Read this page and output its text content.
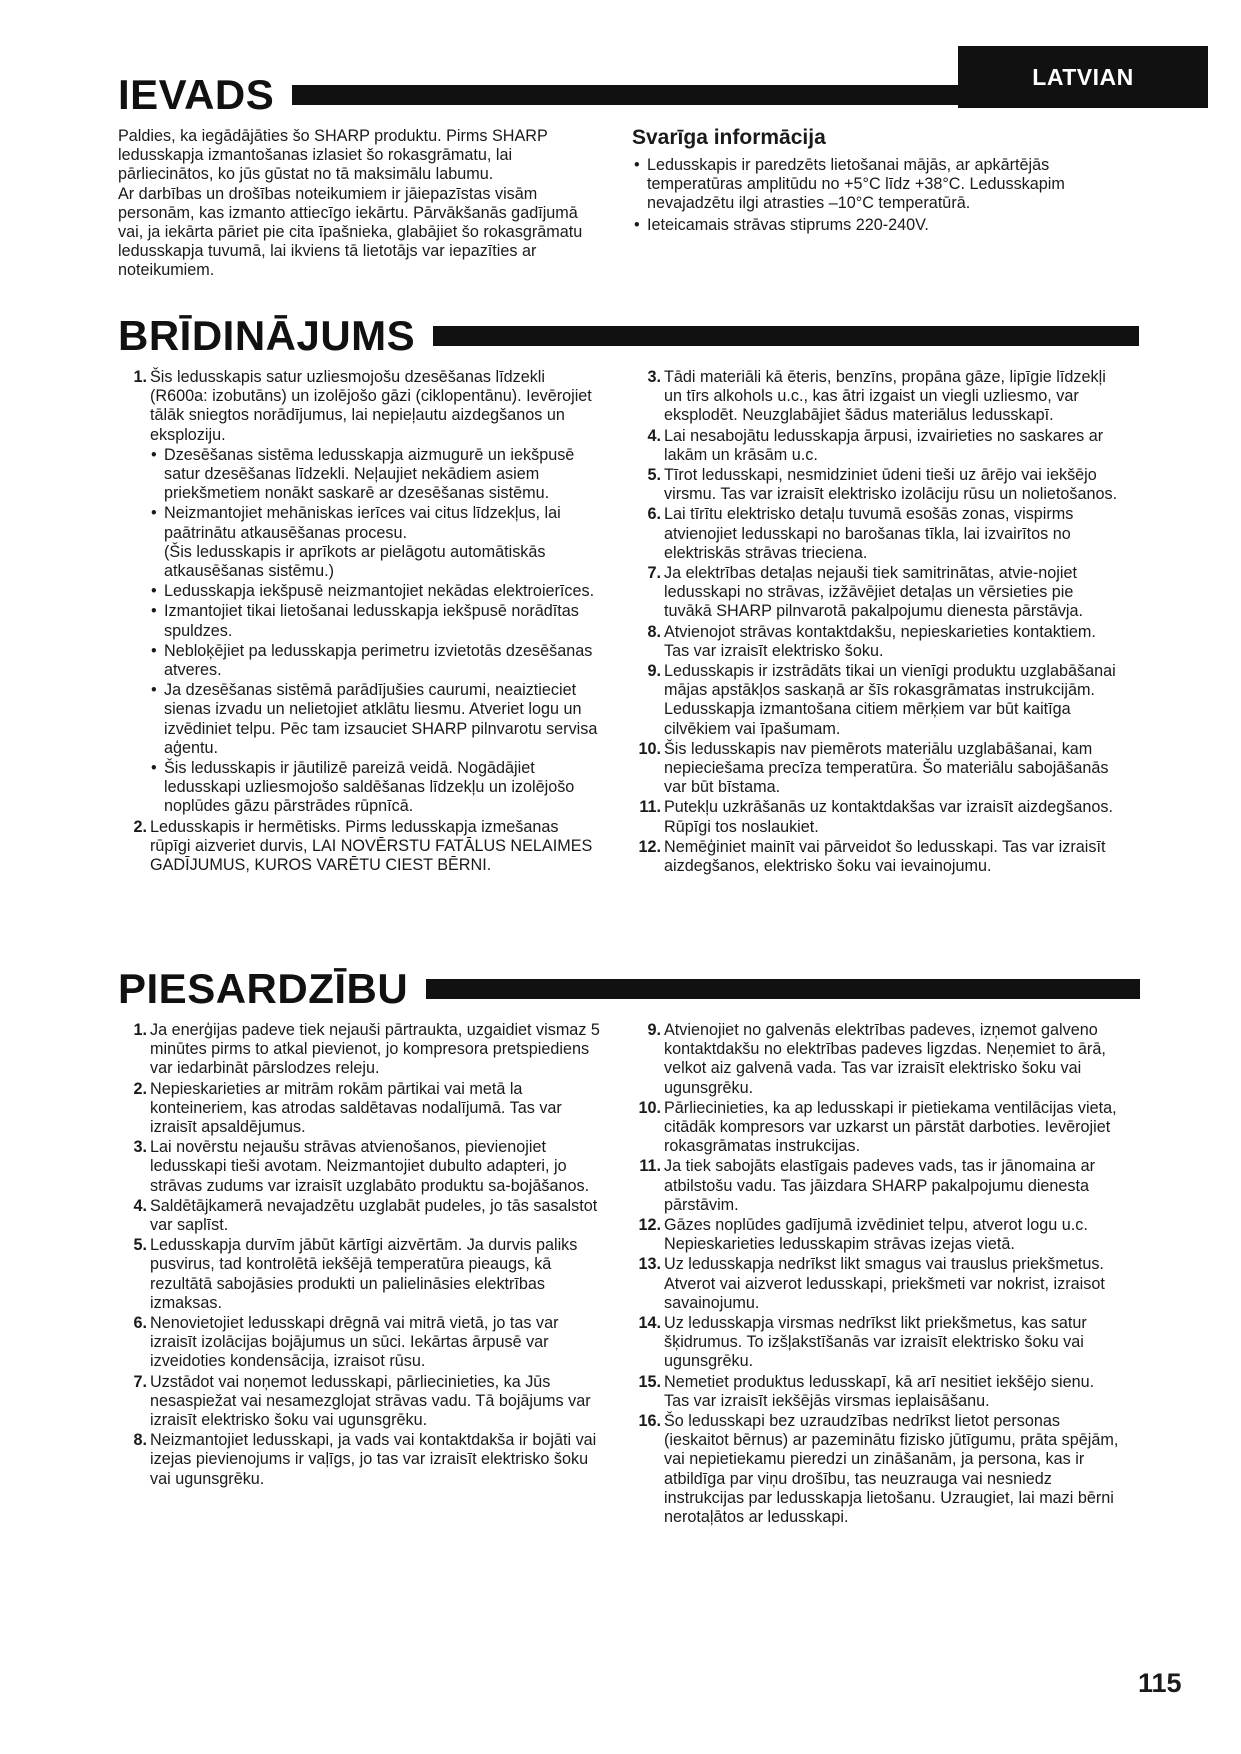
LATVIAN
IEVADS

Paldies, ka iegādājāties šo SHARP produktu. Pirms SHARP ledusskapja izmantošanas izlasiet šo rokasgrāmatu, lai pārliecinātos, ko jūs gūstat no tā maksimālu labumu.

Ar darbības un drošības noteikumiem ir jāiepazīstas visām personām, kas izmanto attiecīgo iekārtu. Pārvākšanās gadījumā vai, ja iekārta pāriet pie cita īpašnieka, glabājiet šo rokasgrāmatu ledusskapja tuvumā, lai ikviens tā lietotājs var iepazīties ar noteikumiem.

Svarīga informācija
• Ledusskapis ir paredzēts lietošanai mājās, ar apkārtējās temperatūras amplitūdu no +5°C līdz +38°C. Ledusskapim nevajadzētu ilgi atrasties –10°C temperatūrā.
• Ieteicamais strāvas stiprums 220-240V.
BRĪDINĀJUMS
1. Šis ledusskapis satur uzliesmojošu dzesēšanas līdzekli (R600a: izobutāns) un izolējošo gāzi (ciklopentānu). Ievērojiet tālāk sniegtos norādījumus, lai nepieļautu aizdegšanos un eksploziju.
• Dzesēšanas sistēma ledusskapja aizmugurē un iekšpusē satur dzesēšanas līdzekli. Neļaujiet nekādiem asiem priekšmetiem nonākt saskarē ar dzesēšanas sistēmu.
• Neizmantojiet mehāniskas ierīces vai citus līdzekļus, lai paātrinātu atkausēšanas procesu.
(Šis ledusskapis ir aprīkots ar pielāgotu automātiskās atkausēšanas sistēmu.)
• Ledusskapja iekšpusē neizmantojiet nekādas elektroierīces.
• Izmantojiet tikai lietošanai ledusskapja iekšpusē norādītas spuldzes.
• Nebloķējiet pa ledusskapja perimetru izvietotās dzesēšanas atveres.
• Ja dzesēšanas sistēmā parādījušies caurumi, neaiztieciet sienas izvadu un nelietojiet atklātu liesmu. Atveriet logu un izvēdiniet telpu. Pēc tam izsauciet SHARP pilnvarotu servisa aģentu.
• Šis ledusskapis ir jāutilizē pareizā veidā. Nogādājiet ledusskapi uzliesmojošo saldēšanas līdzekļu un izolējošo noplūdes gāzu pārstrādes rūpnīcā.
2. Ledusskapis ir hermētisks. Pirms ledusskapja izmešanas rūpīgi aizveriet durvis, LAI NOVĒRSTU FATĀLUS NELAIMES GADĪJUMUS, KUROS VARĒTU CIEST BĒRNI.
3. Tādi materiāli kā ēteris, benzīns, propāna gāze, lipīgie līdzekļi un tīrs alkohols u.c., kas ātri izgaist un viegli uzliesmo, var eksplodēt. Neuzglabājiet šādus materiālus ledusskapī.
4. Lai nesabojātu ledusskapja ārpusi, izvairieties no saskares ar lakām un krāsām u.c.
5. Tīrot ledusskapi, nesmidziniet ūdeni tieši uz ārējo vai iekšējo virsmu. Tas var izraisīt elektrisko izolāciju rūsu un nolietošanos.
6. Lai tīrītu elektrisko detaļu tuvumā esošās zonas, vispirms atvienojiet ledusskapi no barošanas tīkla, lai izvairītos no elektriskās strāvas trieciena.
7. Ja elektrības detaļas nejauši tiek samitrinātas, atvie-nojiet ledusskapi no strāvas, izžāvējiet detaļas un vērsieties pie tuvākā SHARP pilnvarotā pakalpojumu dienesta pārstāvja.
8. Atvienojot strāvas kontaktdakšu, nepieskarieties kontaktiem. Tas var izraisīt elektrisko šoku.
9. Ledusskapis ir izstrādāts tikai un vienīgi produktu uzglabāšanai mājas apstākļos saskaņā ar šīs rokasgrāmatas instrukcijām. Ledusskapja izmantošana citiem mērķiem var būt kaitīga cilvēkiem vai īpašumam.
10. Šis ledusskapis nav piemērots materiālu uzglabāšanai, kam nepieciešama precīza temperatūra. Šo materiālu sabojāšanās var būt bīstama.
11. Putekļu uzkrāšanās uz kontaktdakšas var izraisīt aizdegšanos. Rūpīgi tos noslaukiet.
12. Nemēģiniet mainīt vai pārveidot šo ledusskapi. Tas var izraisīt aizdegšanos, elektrisko šoku vai ievainojumu.
PIESARDZĪBU
1. Ja enerģijas padeve tiek nejauši pārtraukta, uzgaidiet vismaz 5 minūtes pirms to atkal pievienot, jo kompresora pretspiediens var iedarbināt pārslodzes releju.
2. Nepieskarieties ar mitrām rokām pārtikai vai metā la konteineriem, kas atrodas saldētavas nodalījumā. Tas var izraisīt apsaldējumus.
3. Lai novērstu nejaušu strāvas atvienošanos, pievienojiet ledusskapi tieši avotam. Neizmantojiet dubulto adapteri, jo strāvas zudums var izraisīt uzglabāto produktu sa-bojāšanos.
4. Saldētājkamerā nevajadzētu uzglabāt pudeles, jo tās sasalstot var saplīst.
5. Ledusskapja durvīm jābūt kārtīgi aizvērtām. Ja durvis paliks pusvirus, tad kontrolētā iekšējā temperatūra pieaugs, kā rezultātā sabojāsies produkti un palielināsies elektrības izmaksas.
6. Nenovietojiet ledusskapi drēgnā vai mitrā vietā, jo tas var izraisīt izolācijas bojājumus un sūci. Iekārtas ārpusē var izveidoties kondensācija, izraisot rūsu.
7. Uzstādot vai noņemot ledusskapi, pārliecinieties, ka Jūs nesaspiežat vai nesamezglojat strāvas vadu. Tā bojājums var izraisīt elektrisko šoku vai ugunsgrēku.
8. Neizmantojiet ledusskapi, ja vads vai kontaktdakša ir bojāti vai izejas pievienojums ir vaļīgs, jo tas var izraisīt elektrisko šoku vai ugunsgrēku.
9. Atvienojiet no galvenās elektrības padeves, izņemot galveno kontaktdakšu no elektrības padeves ligzdas. Neņemiet to ārā, velkot aiz galvenā vada. Tas var izraisīt elektrisko šoku vai ugunsgrēku.
10. Pārliecinieties, ka ap ledusskapi ir pietiekama ventilācijas vieta, citādāk kompresors var uzkarst un pārstāt darboties. Ievērojiet rokasgrāmatas instrukcijas.
11. Ja tiek sabojāts elastīgais padeves vads, tas ir jānomaina ar atbilstošu vadu. Tas jāizdara SHARP pakalpojumu dienesta pārstāvim.
12. Gāzes noplūdes gadījumā izvēdiniet telpu, atverot logu u.c. Nepieskarieties ledusskapim strāvas izejas vietā.
13. Uz ledusskapja nedrīkst likt smagus vai trauslus priekšmetus. Atverot vai aizverot ledusskapi, priekšmeti var nokrist, izraisot savainojumu.
14. Uz ledusskapja virsmas nedrīkst likt priekšmetus, kas satur šķidrumus. To izšļakstīšanās var izraisīt elektrisko šoku vai ugunsgrēku.
15. Nemetiet produktus ledusskapī, kā arī nesitiet iekšējo sienu. Tas var izraisīt iekšējās virsmas ieplaisāšanu.
16. Šo ledusskapi bez uzraudzības nedrīkst lietot personas (ieskaitot bērnus) ar pazeminātu fizisko jūtīgumu, prāta spējām, vai nepietiekamu pieredzi un zināšanām, ja persona, kas ir atbildīga par viņu drošību, tas neuzrauga vai nesniedz instrukcijas par ledusskapja lietošanu. Uzraugiet, lai mazi bērni nerotaļātos ar ledusskapi.
115
